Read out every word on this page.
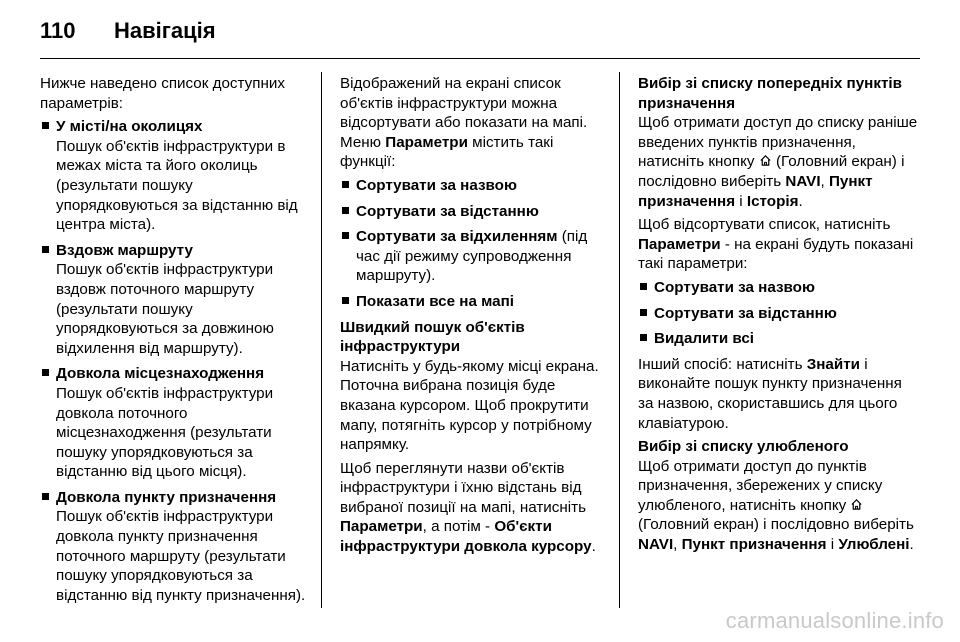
110	Навігація

Нижче наведено список доступних параметрів:

У місті/на околицях
Пошук об'єктів інфраструктури в межах міста та його околиць (результати пошуку упорядковуються за відстанню від центра міста).
Вздовж маршруту
Пошук об'єктів інфраструктури вздовж поточного маршруту (результати пошуку упорядковуються за довжиною відхилення від маршруту).
Довкола місцезнаходження
Пошук об'єктів інфраструктури довкола поточного місцезнаходження (результати пошуку упорядковуються за відстанню від цього місця).
Довкола пункту призначення
Пошук об'єктів інфраструктури довкола пункту призначення поточного маршруту (результати пошуку упорядковуються за відстанню від пункту призначення).

Відображений на екрані список об'єктів інфраструктури можна відсортувати або показати на мапі. Меню Параметри містить такі функції:

Сортувати за назвою
Сортувати за відстанню
Сортувати за відхиленням (під час дії режиму супроводження маршруту).
Показати все на мапі

Швидкий пошук об'єктів інфраструктури

Натисніть у будь-якому місці екрана. Поточна вибрана позиція буде вказана курсором. Щоб прокрутити мапу, потягніть курсор у потрібному напрямку.

Щоб переглянути назви об'єктів інфраструктури і їхню відстань від вибраної позиції на мапі, натисніть Параметри, а потім - Об'єкти інфраструктури довкола курсору.

Вибір зі списку попередніх пунктів призначення

Щоб отримати доступ до списку раніше введених пунктів призначення, натисніть кнопку  (Головний екран) і послідовно виберіть NAVI, Пункт призначення і Історія.

Щоб відсортувати список, натисніть Параметри - на екрані будуть показані такі параметри:

Сортувати за назвою
Сортувати за відстанню
Видалити всі

Інший спосіб: натисніть Знайти і виконайте пошук пункту призначення за назвою, скориставшись для цього клавіатурою.

Вибір зі списку улюбленого

Щоб отримати доступ до пунктів призначення, збережених у списку улюбленого, натисніть кнопку  (Головний екран) і послідовно виберіть NAVI, Пункт призначення і Улюблені.

carmanualsonline.info
